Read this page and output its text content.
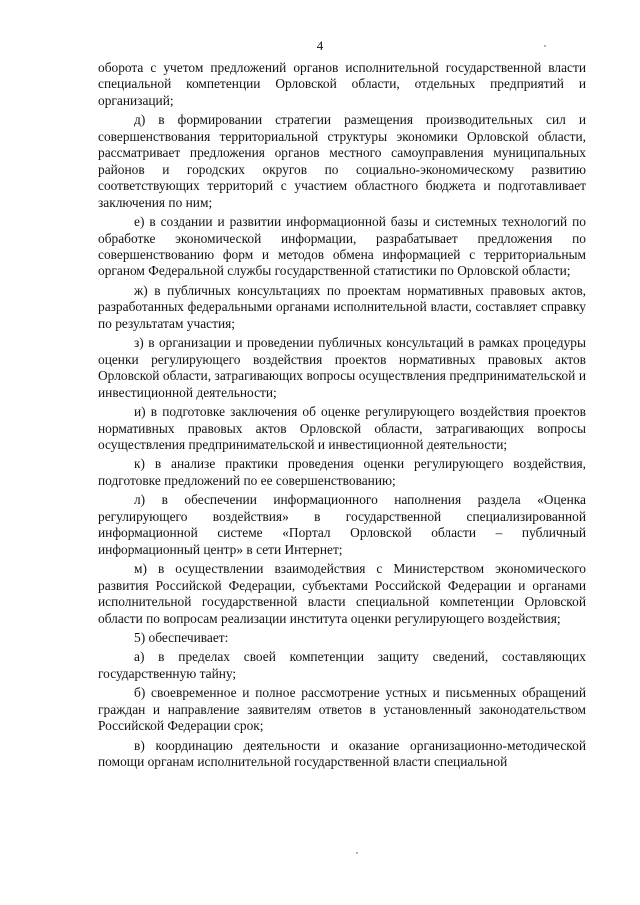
4

оборота с учетом предложений органов исполнительной государственной власти специальной компетенции Орловской области, отдельных предприятий и организаций;

д) в формировании стратегии размещения производительных сил и совершенствования территориальной структуры экономики Орловской области, рассматривает предложения органов местного самоуправления муниципальных районов и городских округов по социально-экономическому развитию соответствующих территорий с участием областного бюджета и подготавливает заключения по ним;

е) в создании и развитии информационной базы и системных технологий по обработке экономической информации, разрабатывает предложения по совершенствованию форм и методов обмена информацией с территориальным органом Федеральной службы государственной статистики по Орловской области;

ж) в публичных консультациях по проектам нормативных правовых актов, разработанных федеральными органами исполнительной власти, составляет справку по результатам участия;

з) в организации и проведении публичных консультаций в рамках процедуры оценки регулирующего воздействия проектов нормативных правовых актов Орловской области, затрагивающих вопросы осуществления предпринимательской и инвестиционной деятельности;

и) в подготовке заключения об оценке регулирующего воздействия проектов нормативных правовых актов Орловской области, затрагивающих вопросы осуществления предпринимательской и инвестиционной деятельности;

к) в анализе практики проведения оценки регулирующего воздействия, подготовке предложений по ее совершенствованию;

л) в обеспечении информационного наполнения раздела «Оценка регулирующего воздействия» в государственной специализированной информационной системе «Портал Орловской области – публичный информационный центр» в сети Интернет;

м) в осуществлении взаимодействия с Министерством экономического развития Российской Федерации, субъектами Российской Федерации и органами исполнительной государственной власти специальной компетенции Орловской области по вопросам реализации института оценки регулирующего воздействия;

5) обеспечивает:

а) в пределах своей компетенции защиту сведений, составляющих государственную тайну;

б) своевременное и полное рассмотрение устных и письменных обращений граждан и направление заявителям ответов в установленный законодательством Российской Федерации срок;

в) координацию деятельности и оказание организационно-методической помощи органам исполнительной государственной власти специальной
